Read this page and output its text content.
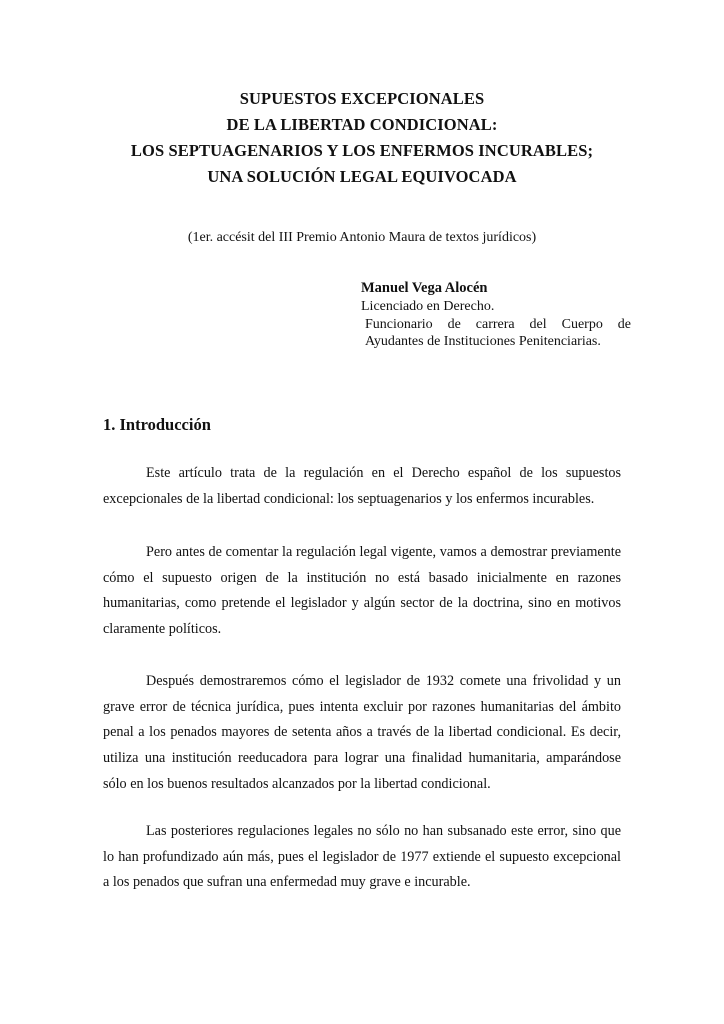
SUPUESTOS EXCEPCIONALES
DE LA LIBERTAD CONDICIONAL:
LOS SEPTUAGENARIOS Y LOS ENFERMOS INCURABLES;
UNA SOLUCIÓN LEGAL EQUIVOCADA
(1er. accésit del III Premio Antonio Maura de textos jurídicos)
Manuel Vega Alocén
Licenciado en Derecho.
Funcionario de carrera del Cuerpo de Ayudantes de Instituciones Penitenciarias.
1. Introducción

Este artículo trata de la regulación en el Derecho español de los supuestos excepcionales de la libertad condicional: los septuagenarios y los enfermos incurables.

Pero antes de comentar la regulación legal vigente, vamos a demostrar previamente cómo el supuesto origen de la institución no está basado inicialmente en razones humanitarias, como pretende el legislador y algún sector de la doctrina, sino en motivos claramente políticos.

Después demostraremos cómo el legislador de 1932 comete una frivolidad y un grave error de técnica jurídica, pues intenta excluir por razones humanitarias del ámbito penal a los penados mayores de setenta años a través de la libertad condicional. Es decir, utiliza una institución reeducadora para lograr una finalidad humanitaria, amparándose sólo en los buenos resultados alcanzados por la libertad condicional.

Las posteriores regulaciones legales no sólo no han subsanado este error, sino que lo han profundizado aún más, pues el legislador de 1977 extiende el supuesto excepcional a los penados que sufran una enfermedad muy grave e incurable.
